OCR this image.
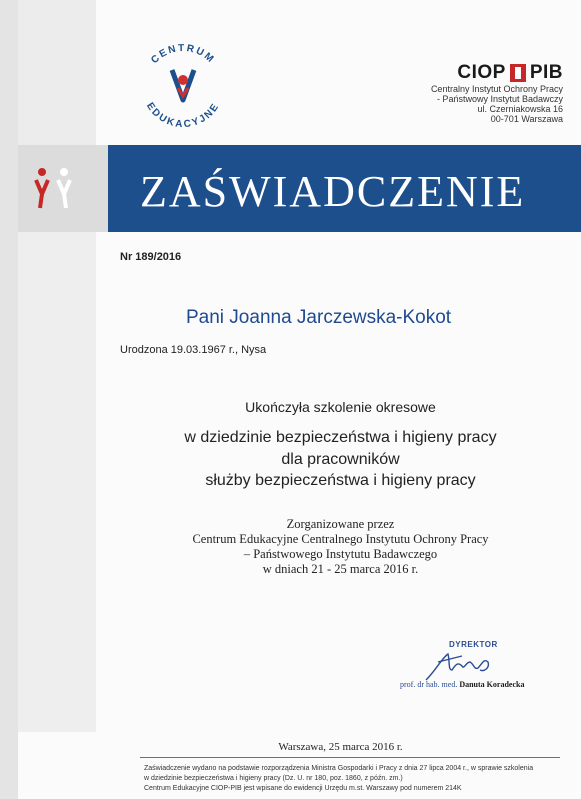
CENTRUM
EDUKACYJNE
CIOP PIB
Centralny Instytut Ochrony Pracy
- Państwowy Instytut Badawczy
ul. Czerniakowska 16
00-701 Warszawa
ZAŚWIADCZENIE
Nr 189/2016
Pani Joanna Jarczewska-Kokot
Urodzona 19.03.1967 r., Nysa
Ukończyła szkolenie okresowe
w dziedzinie bezpieczeństwa i higieny pracy
dla pracowników
służby bezpieczeństwa i higieny pracy
Zorganizowane przez
Centrum Edukacyjne Centralnego Instytutu Ochrony Pracy
– Państwowego Instytutu Badawczego
w dniach 21 - 25 marca 2016 r.
DYREKTOR
prof. dr hab. med. Danuta Koradecka
Warszawa, 25 marca 2016 r.
Zaświadczenie wydano na podstawie rozporządzenia Ministra Gospodarki i Pracy z dnia 27 lipca 2004 r., w sprawie szkolenia
w dziedzinie bezpieczeństwa i higieny pracy (Dz. U. nr 180, poz. 1860, z późn. zm.)
Centrum Edukacyjne CIOP-PIB jest wpisane do ewidencji Urzędu m.st. Warszawy pod numerem 214K
